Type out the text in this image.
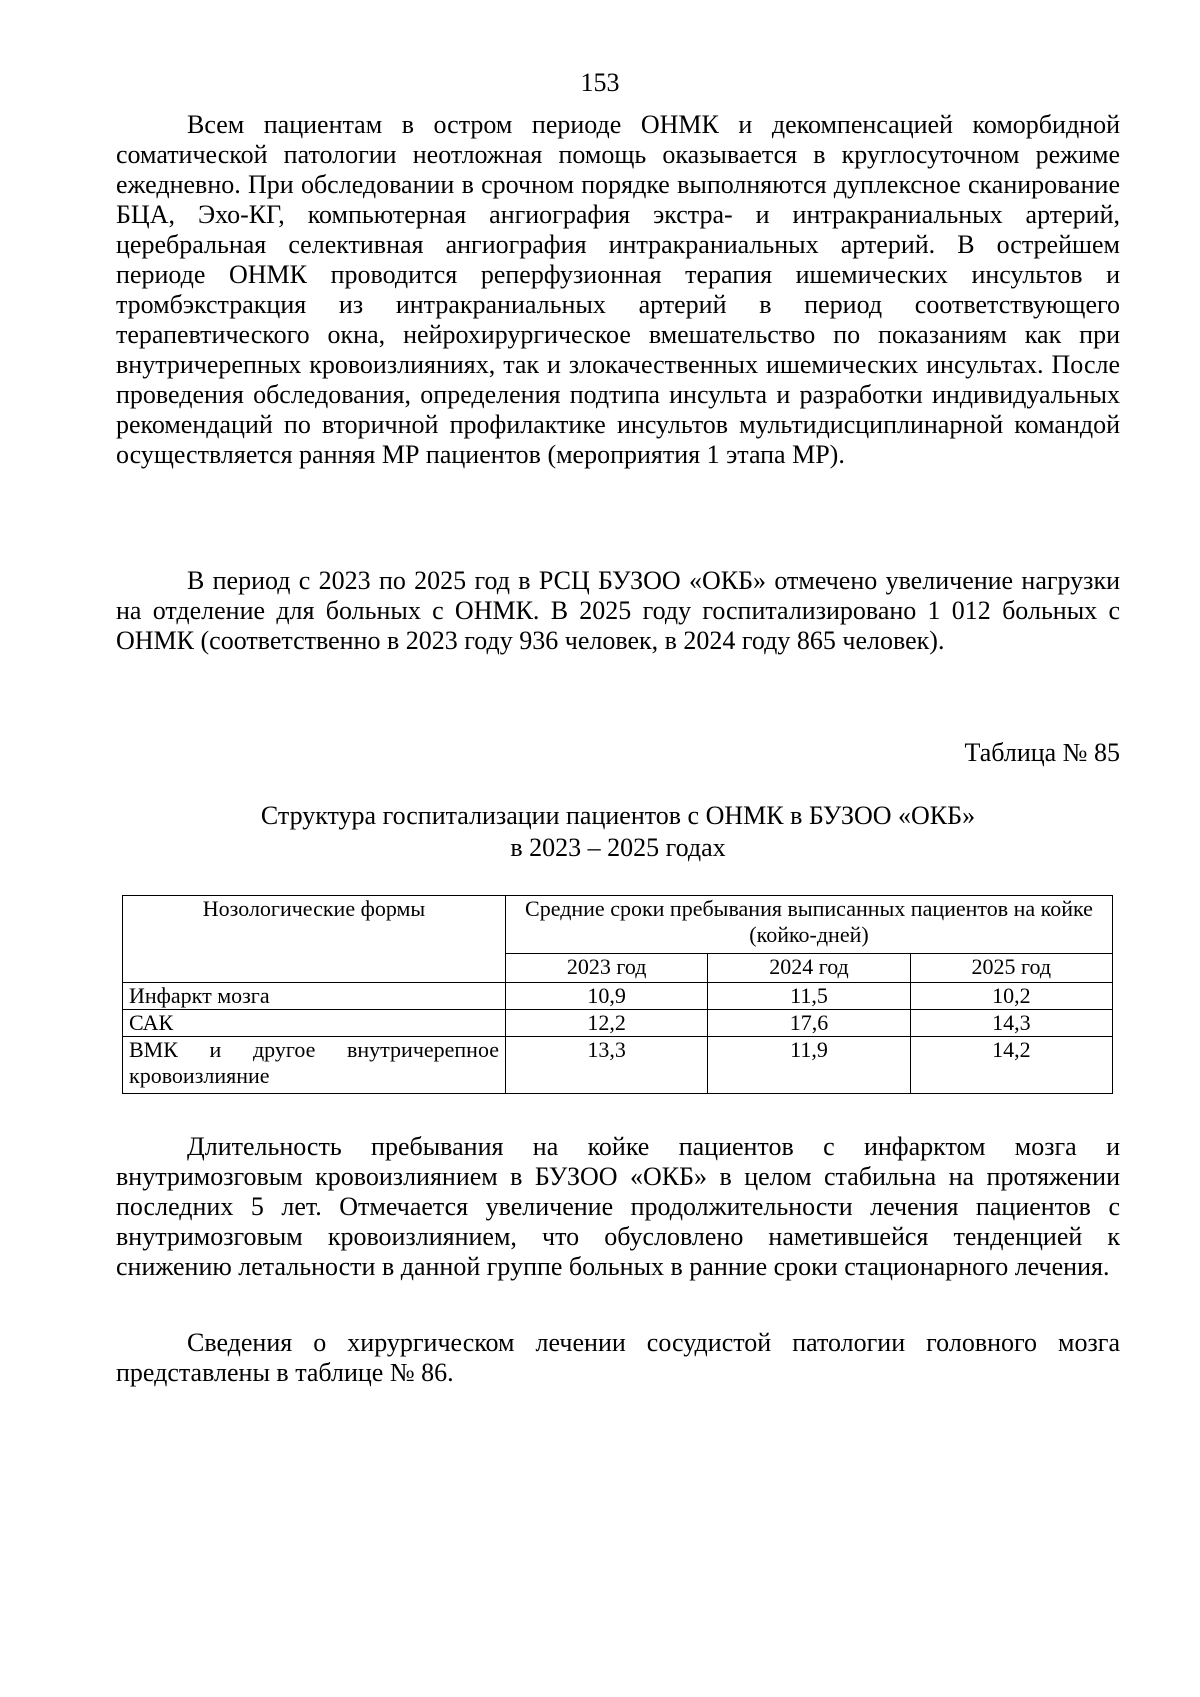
153

Всем пациентам в остром периоде ОНМК и декомпенсацией коморбидной соматической патологии неотложная помощь оказывается в круглосуточном режиме ежедневно. При обследовании в срочном порядке выполняются дуплексное сканирование БЦА, Эхо-КГ, компьютерная ангиография экстра- и интракраниальных артерий, церебральная селективная ангиография интракраниальных артерий. В острейшем периоде ОНМК проводится реперфузионная терапия ишемических инсультов и тромбэкстракция из интракраниальных артерий в период соответствующего терапевтического окна, нейрохирургическое вмешательство по показаниям как при внутричерепных кровоизлияниях, так и злокачественных ишемических инсультах. После проведения обследования, определения подтипа инсульта и разработки индивидуальных рекомендаций по вторичной профилактике инсультов мультидисциплинарной командой осуществляется ранняя МР пациентов (мероприятия 1 этапа МР).

В период с 2023 по 2025 год в РСЦ БУЗОО «ОКБ» отмечено увеличение нагрузки на отделение для больных с ОНМК. В 2025 году госпитализировано 1 012 больных с ОНМК (соответственно в 2023 году 936 человек, в 2024 году 865 человек).

Таблица № 85
Структура госпитализации пациентов с ОНМК в БУЗОО «ОКБ»
в 2023 – 2025 годах
Нозологические формы	Средние сроки пребывания выписанных пациентов на койке (койко-дней)		
	2023 год	2024 год	2025 год
Инфаркт мозга	10,9	11,5	10,2
САК	12,2	17,6	14,3
ВМК и другое внутричерепное кровоизлияние	13,3	11,9	14,2

Длительность пребывания на койке пациентов с инфарктом мозга и внутримозговым кровоизлиянием в БУЗОО «ОКБ» в целом стабильна на протяжении последних 5 лет. Отмечается увеличение продолжительности лечения пациентов с внутримозговым кровоизлиянием, что обусловлено наметившейся тенденцией к снижению летальности в данной группе больных в ранние сроки стационарного лечения.

Сведения о хирургическом лечении сосудистой патологии головного мозга представлены в таблице № 86.
